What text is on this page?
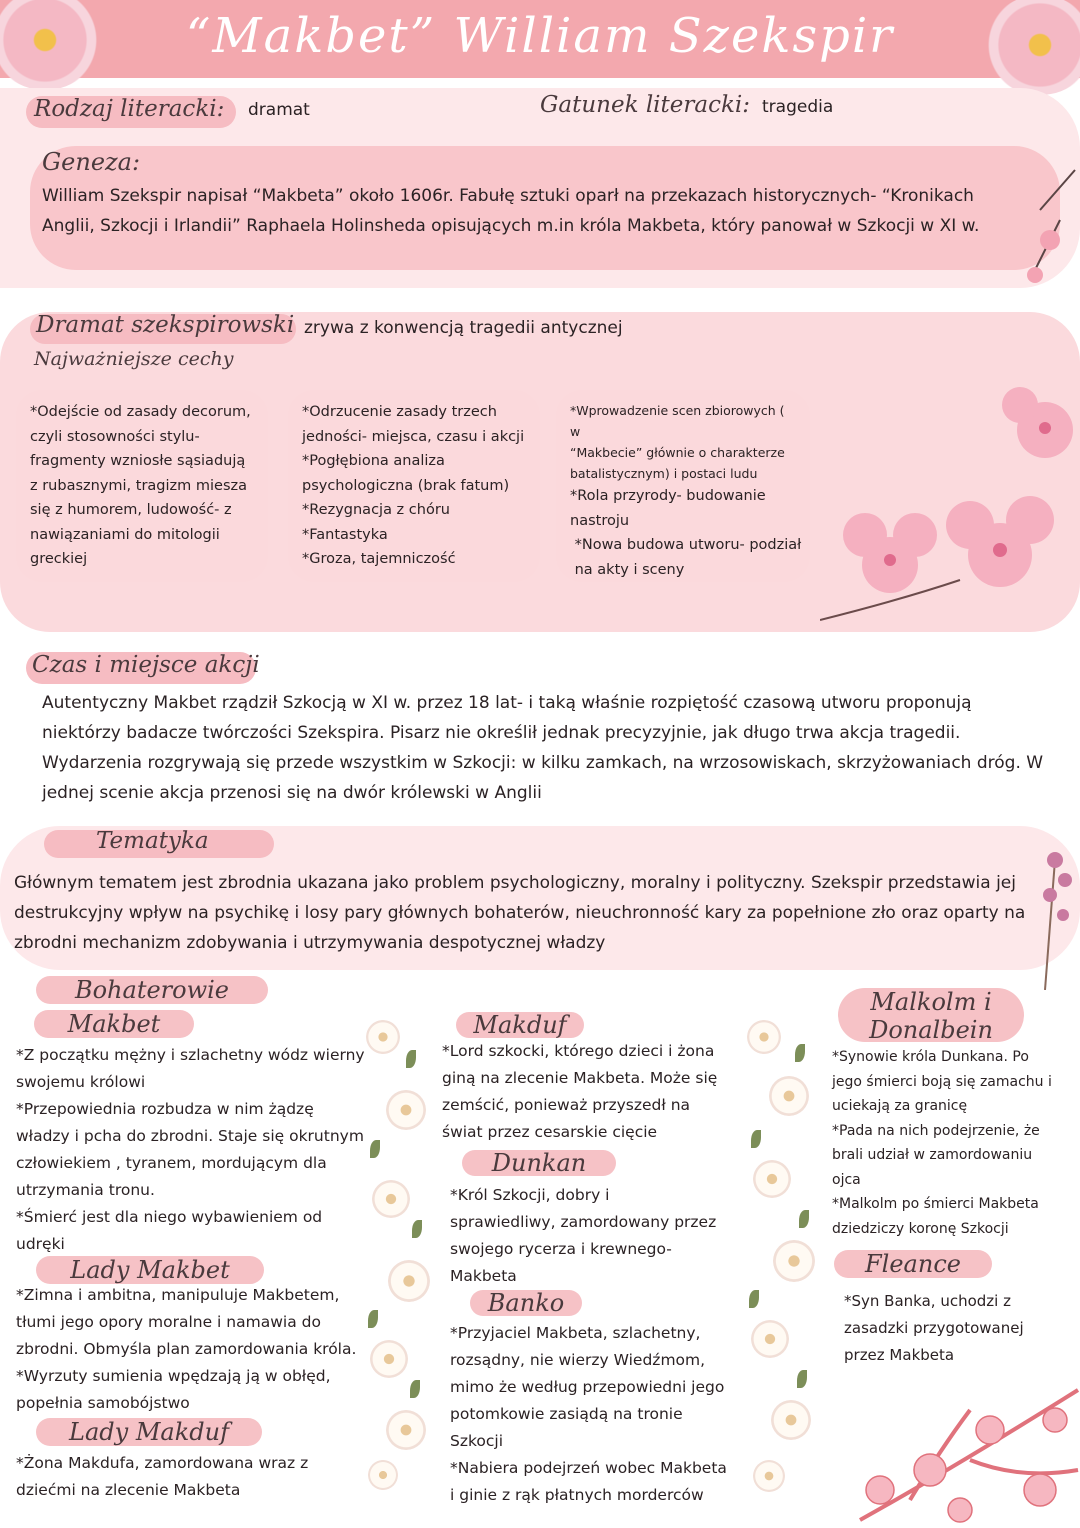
“Makbet” William Szekspir
Rodzaj literacki: dramat	Gatunek literacki: tragedia
Geneza:
William Szekspir napisał “Makbeta” około 1606r. Fabułę sztuki oparł na przekazach historycznych- “Kronikach
Anglii, Szkocji i Irlandii” Raphaela Holinsheda opisujących m.in króla Makbeta, który panował w Szkocji w XI w.
Dramat szekspirowski zrywa z konwencją tragedii antycznej
Najważniejsze cechy
*Odejście od zasady decorum,
czyli stosowności stylu-
fragmenty wzniosłe sąsiadują
z rubasznymi, tragizm miesza
się z humorem, ludowość- z
nawiązaniami do mitologii
greckiej
*Odrzucenie zasady trzech
jedności- miejsca, czasu i akcji
*Pogłębiona analiza
psychologiczna (brak fatum)
*Rezygnacja z chóru
*Fantastyka
*Groza, tajemniczość
*Wprowadzenie scen zbiorowych ( w
“Makbecie” głównie o charakterze
batalistycznym) i postaci ludu
*Rola przyrody- budowanie
nastroju
*Nowa budowa utworu- podział
na akty i sceny
Czas i miejsce akcji
Autentyczny Makbet rządził Szkocją w XI w. przez 18 lat- i taką właśnie rozpiętość czasową utworu proponują
niektórzy badacze twórczości Szekspira. Pisarz nie określił jednak precyzyjnie, jak długo trwa akcja tragedii.
Wydarzenia rozgrywają się przede wszystkim w Szkocji: w kilku zamkach, na wrzosowiskach, skrzyżowaniach dróg. W
jednej scenie akcja przenosi się na dwór królewski w Anglii
Tematyka
Głównym tematem jest zbrodnia ukazana jako problem psychologiczny, moralny i polityczny. Szekspir przedstawia jej
destrukcyjny wpływ na psychikę i losy pary głównych bohaterów, nieuchronność kary za popełnione zło oraz oparty na
zbrodni mechanizm zdobywania i utrzymywania despotycznej władzy
Bohaterowie
Makbet
*Z początku mężny i szlachetny wódz wierny
swojemu królowi
*Przepowiednia rozbudza w nim żądzę
władzy i pcha do zbrodni. Staje się okrutnym
człowiekiem , tyranem, mordującym dla
utrzymania tronu.
*Śmierć jest dla niego wybawieniem od
udręki
Lady Makbet
*Zimna i ambitna, manipuluje Makbetem,
tłumi jego opory moralne i namawia do
zbrodni. Obmyśla plan zamordowania króla.
*Wyrzuty sumienia wpędzają ją w obłęd,
popełnia samobójstwo
Lady Makduf
*Żona Makdufa, zamordowana wraz z
dziećmi na zlecenie Makbeta
Makduf
*Lord szkocki, którego dzieci i żona
giną na zlecenie Makbeta. Może się
zemścić, ponieważ przyszedł na
świat przez cesarskie cięcie
Dunkan
*Król Szkocji, dobry i
sprawiedliwy, zamordowany przez
swojego rycerza i krewnego-
Makbeta
Banko
*Przyjaciel Makbeta, szlachetny,
rozsądny, nie wierzy Wiedźmom,
mimo że według przepowiedni jego
potomkowie zasiądą na tronie
Szkocji
*Nabiera podejrzeń wobec Makbeta
i ginie z rąk płatnych morderców
Malkolm i
Donalbein
*Synowie króla Dunkana. Po
jego śmierci boją się zamachu i
uciekają za granicę
*Pada na nich podejrzenie, że
brali udział w zamordowaniu
ojca
*Malkolm po śmierci Makbeta
dziedziczy koronę Szkocji
Fleance
*Syn Banka, uchodzi z
zasadzki przygotowanej
przez Makbeta
